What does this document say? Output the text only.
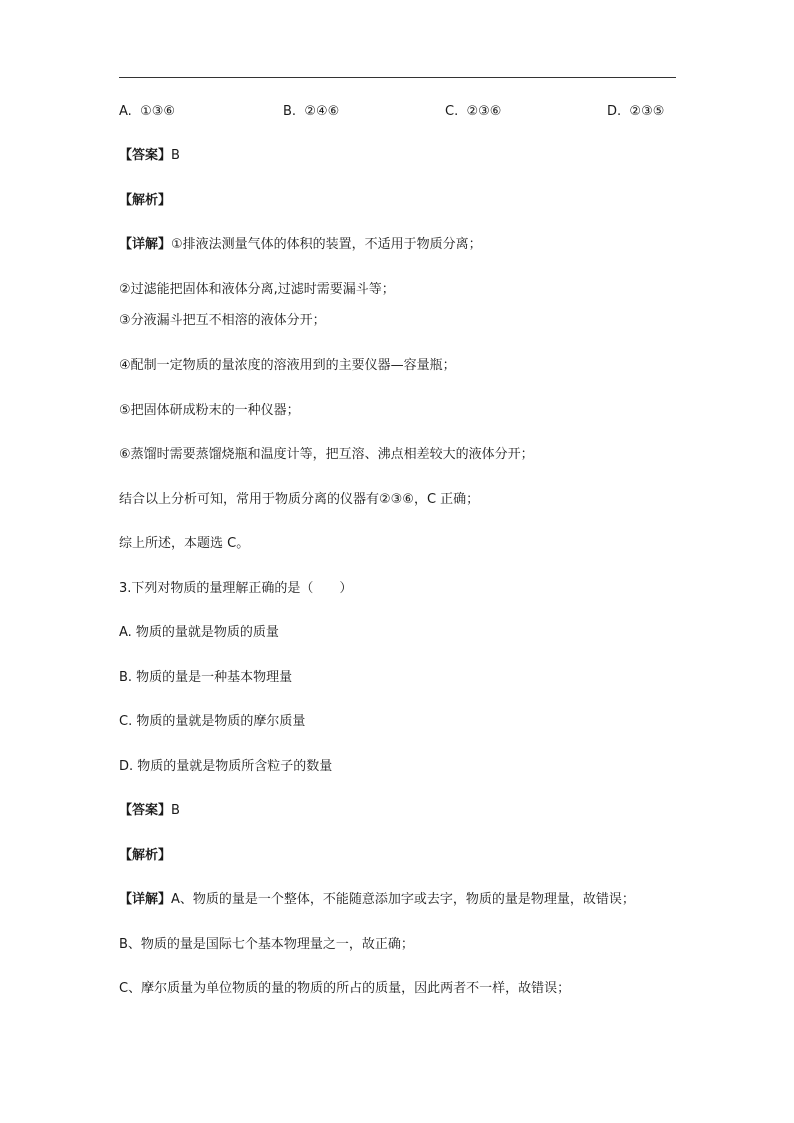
A. ①③⑥	B. ②④⑥	C. ②③⑥	D. ②③⑤
【答案】B
【解析】
【详解】①排液法测量气体的体积的装置，不适用于物质分离；
②过滤能把固体和液体分离,过滤时需要漏斗等；
③分液漏斗把互不相溶的液体分开；
④配制一定物质的量浓度的溶液用到的主要仪器—容量瓶；
⑤把固体研成粉末的一种仪器；
⑥蒸馏时需要蒸馏烧瓶和温度计等，把互溶、沸点相差较大的液体分开；
结合以上分析可知，常用于物质分离的仪器有②③⑥，C 正确；
综上所述，本题选 C。
3.下列对物质的量理解正确的是（　　）
A. 物质的量就是物质的质量
B. 物质的量是一种基本物理量
C. 物质的量就是物质的摩尔质量
D. 物质的量就是物质所含粒子的数量
【答案】B
【解析】
【详解】A、物质的量是一个整体，不能随意添加字或去字，物质的量是物理量，故错误；
B、物质的量是国际七个基本物理量之一，故正确；
C、摩尔质量为单位物质的量的物质的所占的质量，因此两者不一样，故错误；
